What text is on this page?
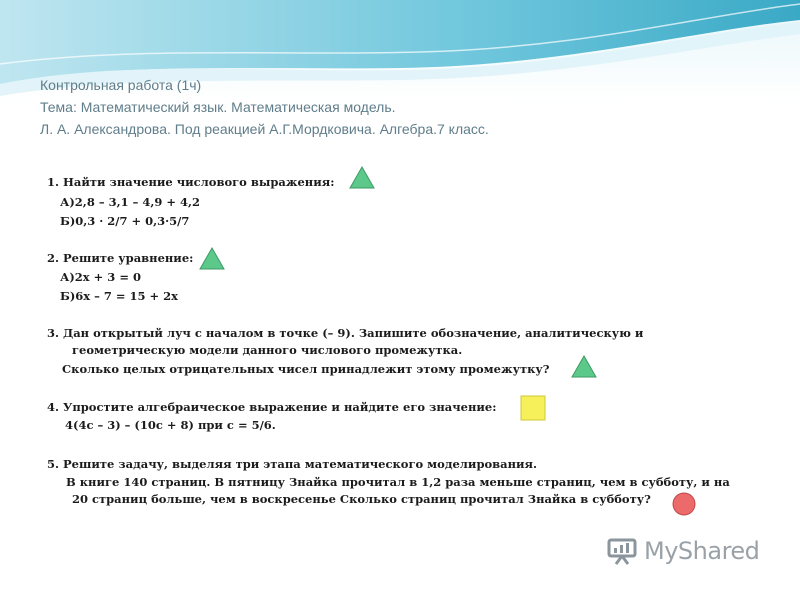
Контрольная работа (1ч)
Тема: Математический язык. Математическая модель.
Л. А. Александрова. Под реакцией А.Г.Мордковича. Алгебра.7 класс.
1. Найти значение числового выражения:
А)2,8 – 3,1 – 4,9 + 4,2
Б)0,3 · 2/7 + 0,3·5/7
2. Решите уравнение:
А)2х + 3 = 0
Б)6х – 7 = 15 + 2х
3. Дан открытый луч с началом в точке (– 9). Запишите обозначение, аналитическую и
геометрическую модели данного числового промежутка.
Сколько целых отрицательных чисел принадлежит этому промежутку?
4. Упростите алгебраическое выражение и найдите его значение:
4(4с – 3) – (10с + 8) при с = 5/6.
5. Решите задачу, выделяя три этапа математического моделирования.
В книге 140 страниц. В пятницу Знайка прочитал в 1,2 раза меньше страниц, чем в субботу, и на
20 страниц больше, чем в воскресенье Сколько страниц прочитал Знайка в субботу?
MyShared
